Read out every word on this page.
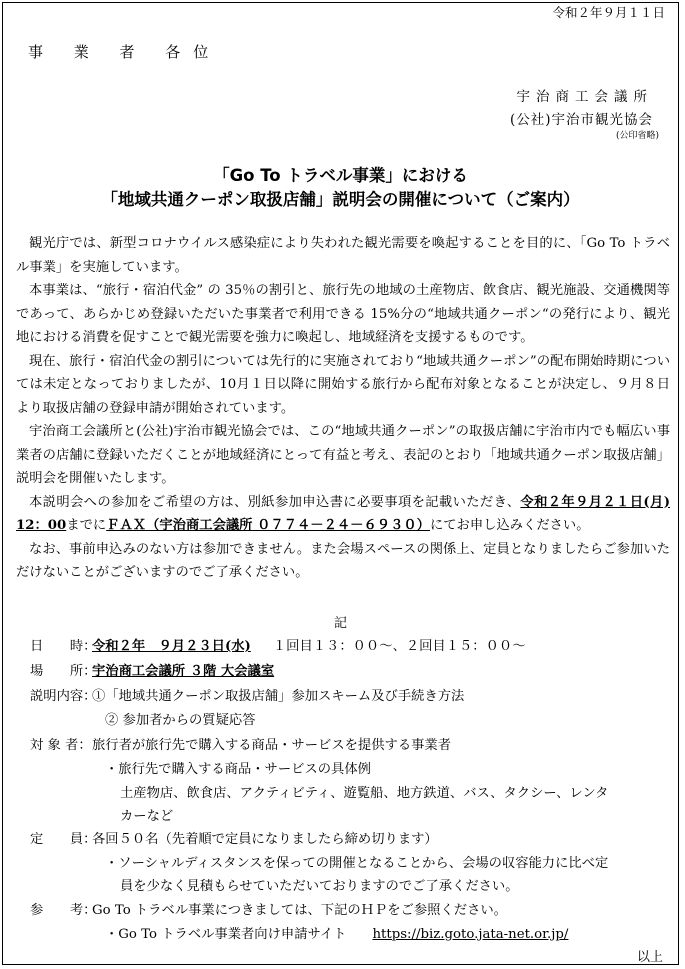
令和２年９月１１日
事 業 者 各位
宇治商工会議所
(公社)宇治市観光協会
(公印省略)
「Go To トラベル事業」における
「地域共通クーポン取扱店舗」説明会の開催について（ご案内）

観光庁では、新型コロナウイルス感染症により失われた観光需要を喚起することを目的に、「Go To トラベル事業」を実施しています。

本事業は、“旅行・宿泊代金” の 35％の割引と、旅行先の地域の土産物店、飲食店、観光施設、交通機関等であって、あらかじめ登録いただいた事業者で利用できる 15%分の“地域共通クーポン“の発行により、観光地における消費を促すことで観光需要を強力に喚起し、地域経済を支援するものです。

現在、旅行・宿泊代金の割引については先行的に実施されており“地域共通クーポン”の配布開始時期については未定となっておりましたが、10月１日以降に開始する旅行から配布対象となることが決定し、９月８日より取扱店舗の登録申請が開始されています。

宇治商工会議所と(公社)宇治市観光協会では、この“地域共通クーポン”の取扱店舗に宇治市内でも幅広い事業者の店舗に登録いただくことが地域経済にとって有益と考え、表記のとおり「地域共通クーポン取扱店舗」説明会を開催いたします。

本説明会への参加をご希望の方は、別紙参加申込書に必要事項を記載いただき、令和２年９月２１日(月) 12：00までにＦＡＸ（宇治商工会議所 ０７７４－２４－６９３０）にてお申し込みください。

なお、事前申込みのない方は参加できません。また会場スペースの関係上、定員となりましたらご参加いただけないことがございますのでご了承ください。

記
日　　時：令和２年　９月２３日(水) １回目１３：００～、２回目１５：００～
場　　所：宇治商工会議所 ３階 大会議室
説明内容：①「地域共通クーポン取扱店舗」参加スキーム及び手続き方法
② 参加者からの質疑応答
対 象 者：旅行者が旅行先で購入する商品・サービスを提供する事業者
・旅行先で購入する商品・サービスの具体例
土産物店、飲食店、アクティビティ、遊覧船、地方鉄道、バス、タクシー、レンタ
カーなど
定　　員：各回５０名（先着順で定員になりましたら締め切ります）
・ソーシャルディスタンスを保っての開催となることから、会場の収容能力に比べ定
員を少なく見積もらせていただいておりますのでご了承ください。
参　　考：Go To トラベル事業につきましては、下記のＨＰをご参照ください。
・Go To トラベル事業者向け申請サイト https://biz.goto.jata-net.or.jp/
以上
